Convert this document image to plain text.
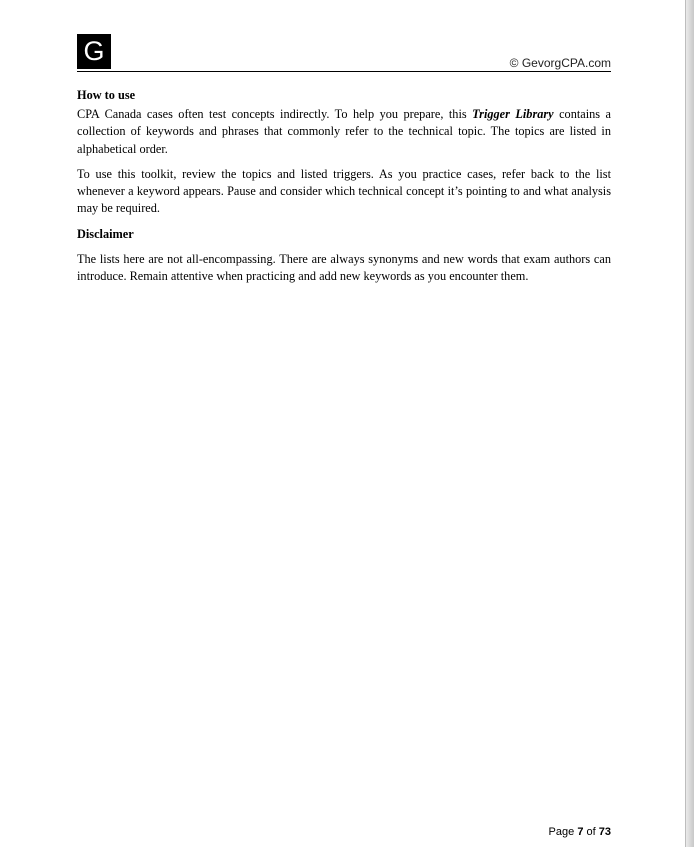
G	© GevorgCPA.com
How to use

CPA Canada cases often test concepts indirectly. To help you prepare, this Trigger Library contains a collection of keywords and phrases that commonly refer to the technical topic. The topics are listed in alphabetical order.

To use this toolkit, review the topics and listed triggers. As you practice cases, refer back to the list whenever a keyword appears. Pause and consider which technical concept it’s pointing to and what analysis may be required.

Disclaimer

The lists here are not all-encompassing. There are always synonyms and new words that exam authors can introduce. Remain attentive when practicing and add new keywords as you encounter them.

Page 7 of 73
